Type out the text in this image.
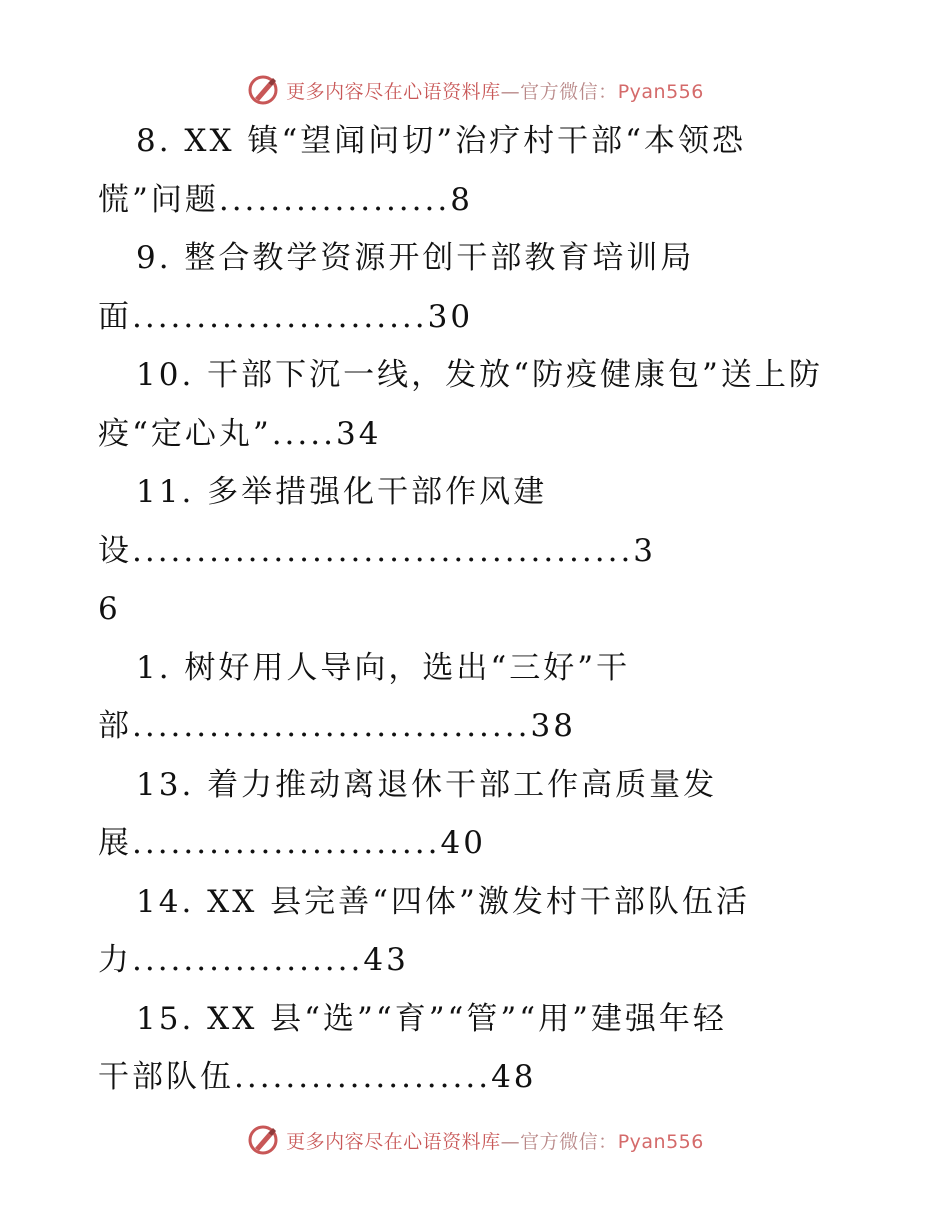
更多内容尽在心语资料库—官方微信：Pyan556
8. XX 镇“望闻问切”治疗村干部“本领恐
慌”问题..................8
9. 整合教学资源开创干部教育培训局
面.......................30
10. 干部下沉一线，发放“防疫健康包”送上防
疫“定心丸”.....34
11. 多举措强化干部作风建
设.......................................3
6
1. 树好用人导向，选出“三好”干
部...............................38
13. 着力推动离退休干部工作高质量发
展........................40
14. XX 县完善“四体”激发村干部队伍活
力..................43
15. XX 县“选”“育”“管”“用”建强年轻
干部队伍....................48
更多内容尽在心语资料库—官方微信：Pyan556
